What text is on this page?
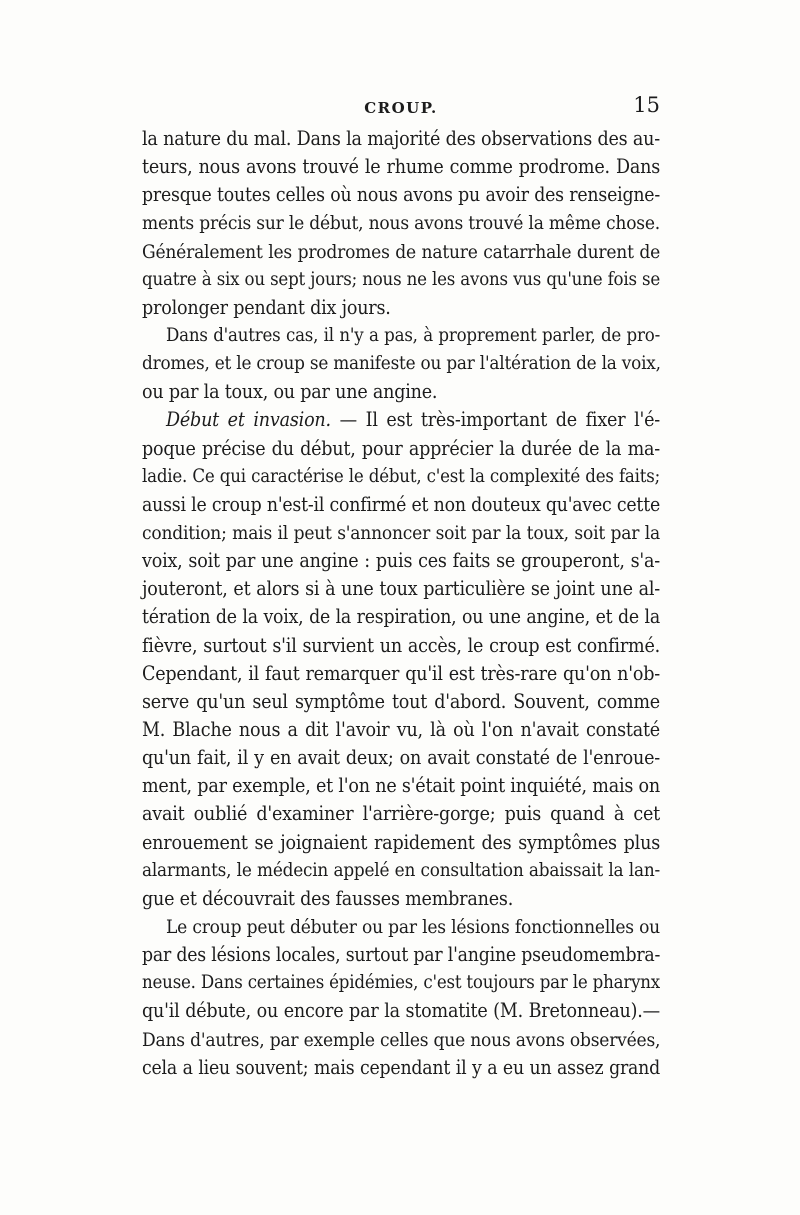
CROUP.	15
la nature du mal. Dans la majorité des observations des au-
teurs, nous avons trouvé le rhume comme prodrome. Dans
presque toutes celles où nous avons pu avoir des renseigne-
ments précis sur le début, nous avons trouvé la même chose.
Généralement les prodromes de nature catarrhale durent de
quatre à six ou sept jours; nous ne les avons vus qu'une fois se
prolonger pendant dix jours.
Dans d'autres cas, il n'y a pas, à proprement parler, de pro-
dromes, et le croup se manifeste ou par l'altération de la voix,
ou par la toux, ou par une angine.
Début et invasion. — Il est très-important de fixer l'é-
poque précise du début, pour apprécier la durée de la ma-
ladie. Ce qui caractérise le début, c'est la complexité des faits;
aussi le croup n'est-il confirmé et non douteux qu'avec cette
condition; mais il peut s'annoncer soit par la toux, soit par la
voix, soit par une angine : puis ces faits se grouperont, s'a-
jouteront, et alors si à une toux particulière se joint une al-
tération de la voix, de la respiration, ou une angine, et de la
fièvre, surtout s'il survient un accès, le croup est confirmé.
Cependant, il faut remarquer qu'il est très-rare qu'on n'ob-
serve qu'un seul symptôme tout d'abord. Souvent, comme
M. Blache nous a dit l'avoir vu, là où l'on n'avait constaté
qu'un fait, il y en avait deux; on avait constaté de l'enroue-
ment, par exemple, et l'on ne s'était point inquiété, mais on
avait oublié d'examiner l'arrière-gorge; puis quand à cet
enrouement se joignaient rapidement des symptômes plus
alarmants, le médecin appelé en consultation abaissait la lan-
gue et découvrait des fausses membranes.
Le croup peut débuter ou par les lésions fonctionnelles ou
par des lésions locales, surtout par l'angine pseudomembra-
neuse. Dans certaines épidémies, c'est toujours par le pharynx
qu'il débute, ou encore par la stomatite (M. Bretonneau).—
Dans d'autres, par exemple celles que nous avons observées,
cela a lieu souvent; mais cependant il y a eu un assez grand
